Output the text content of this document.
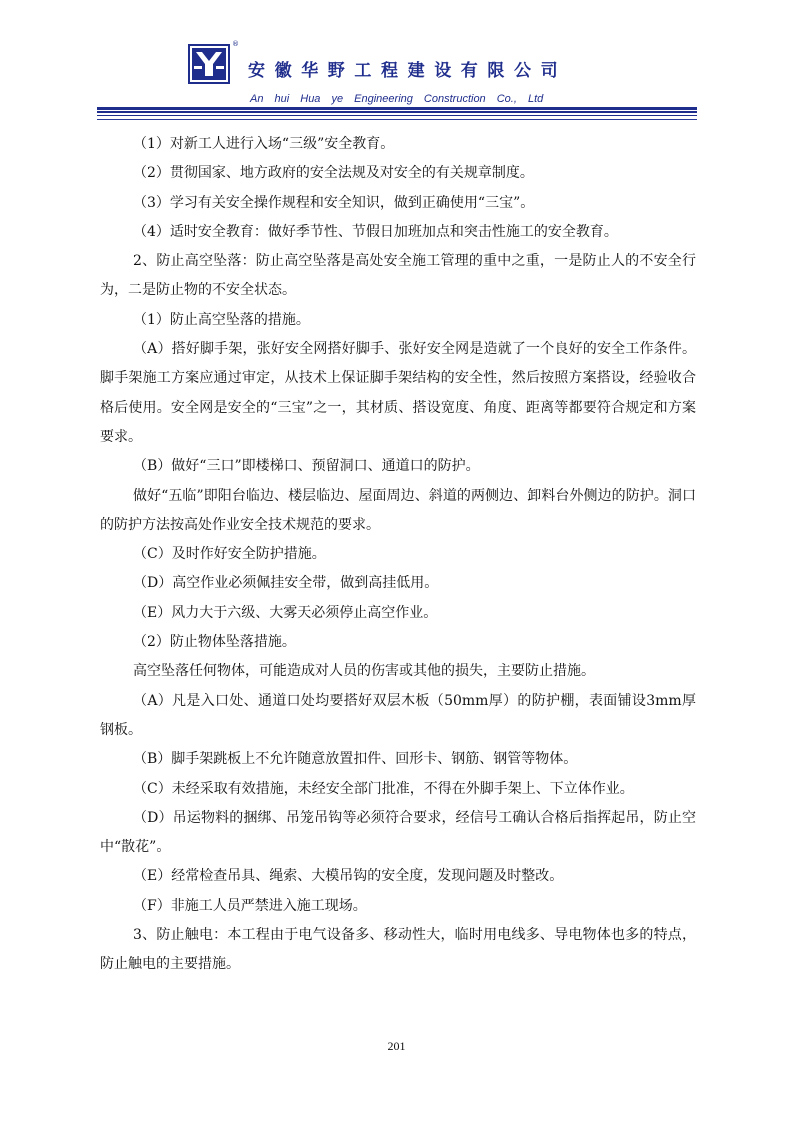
®
安徽华野工程建设有限公司
An hui Hua ye Engineering Construction Co., Ltd

（1）对新工人进行入场“三级”安全教育。

（2）贯彻国家、地方政府的安全法规及对安全的有关规章制度。

（3）学习有关安全操作规程和安全知识，做到正确使用“三宝”。

（4）适时安全教育：做好季节性、节假日加班加点和突击性施工的安全教育。

2、防止高空坠落：防止高空坠落是高处安全施工管理的重中之重，一是防止人的不安全行为，二是防止物的不安全状态。

（1）防止高空坠落的措施。

（A）搭好脚手架，张好安全网搭好脚手、张好安全网是造就了一个良好的安全工作条件。脚手架施工方案应通过审定，从技术上保证脚手架结构的安全性，然后按照方案搭设，经验收合格后使用。安全网是安全的“三宝”之一，其材质、搭设宽度、角度、距离等都要符合规定和方案要求。

（B）做好“三口”即楼梯口、预留洞口、通道口的防护。

做好“五临”即阳台临边、楼层临边、屋面周边、斜道的两侧边、卸料台外侧边的防护。洞口的防护方法按高处作业安全技术规范的要求。

（C）及时作好安全防护措施。

（D）高空作业必须佩挂安全带，做到高挂低用。

（E）风力大于六级、大雾天必须停止高空作业。

（2）防止物体坠落措施。

高空坠落任何物体，可能造成对人员的伤害或其他的损失，主要防止措施。

（A）凡是入口处、通道口处均要搭好双层木板（50mm厚）的防护棚，表面铺设3mm厚钢板。

（B）脚手架跳板上不允许随意放置扣件、回形卡、钢筋、钢管等物体。

（C）未经采取有效措施，未经安全部门批准，不得在外脚手架上、下立体作业。

（D）吊运物料的捆绑、吊笼吊钩等必须符合要求，经信号工确认合格后指挥起吊，防止空中“散花”。

（E）经常检查吊具、绳索、大模吊钩的安全度，发现问题及时整改。

（F）非施工人员严禁进入施工现场。

3、防止触电：本工程由于电气设备多、移动性大，临时用电线多、导电物体也多的特点，防止触电的主要措施。

201
